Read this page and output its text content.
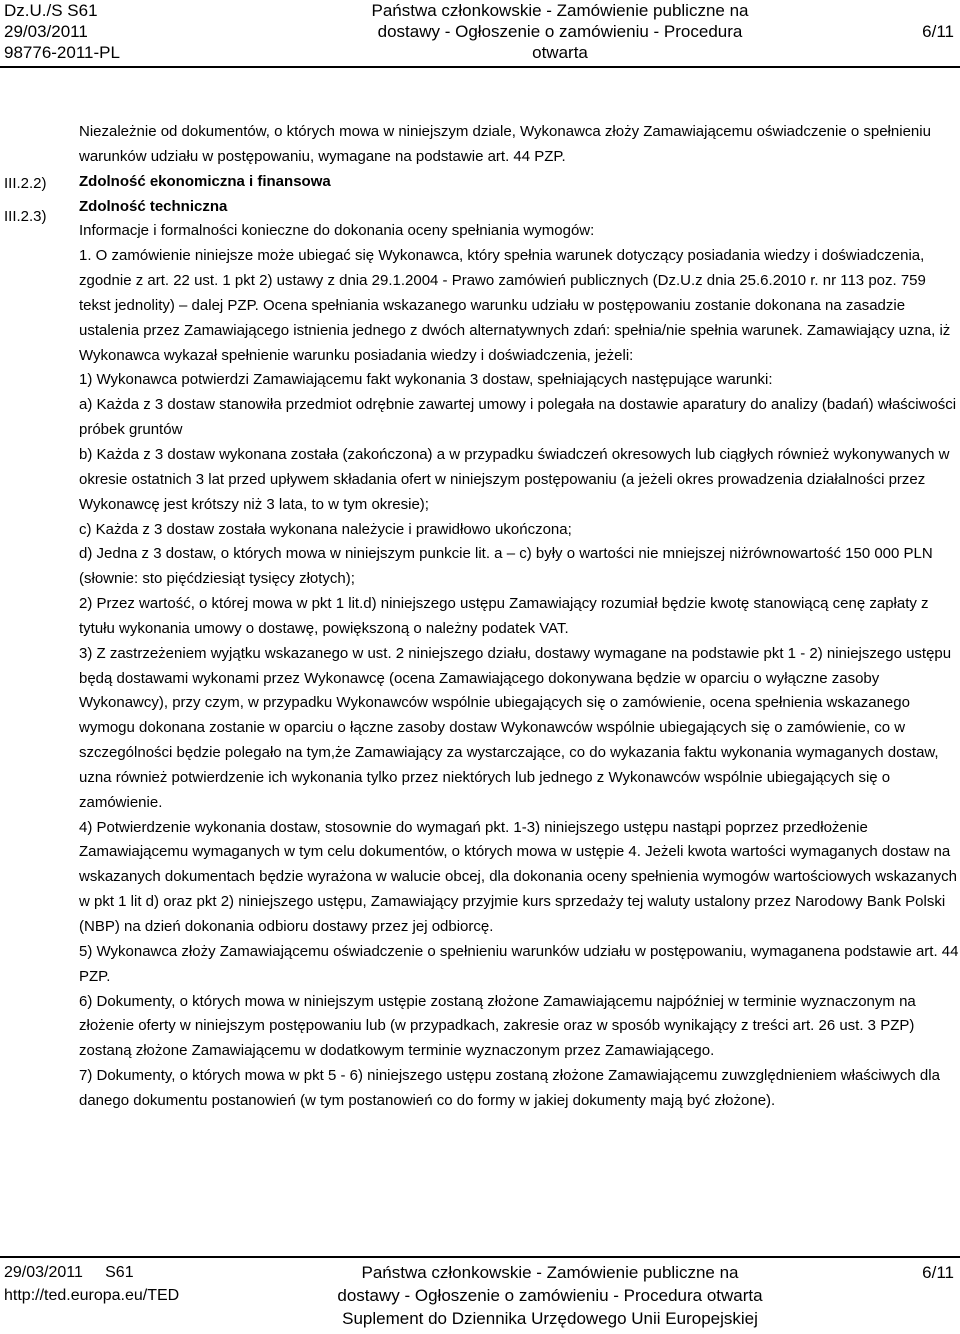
Dz.U./S S61
29/03/2011
98776-2011-PL
Państwa członkowskie - Zamówienie publiczne na
dostawy - Ogłoszenie o zamówieniu - Procedura otwarta
6/11
III.2.2)
III.2.3)

Niezależnie od dokumentów, o których mowa w niniejszym dziale, Wykonawca złoży Zamawiającemu oświadczenie o spełnieniu warunków udziału w postępowaniu, wymagane na podstawie art. 44 PZP.

Zdolność ekonomiczna i finansowa

Zdolność techniczna

Informacje i formalności konieczne do dokonania oceny spełniania wymogów:

1. O zamówienie niniejsze może ubiegać się Wykonawca, który spełnia warunek dotyczący posiadania wiedzy i doświadczenia, zgodnie z art. 22 ust. 1 pkt 2) ustawy z dnia 29.1.2004 - Prawo zamówień publicznych (Dz.U.z dnia 25.6.2010 r. nr 113 poz. 759 tekst jednolity) – dalej PZP. Ocena spełniania wskazanego warunku udziału w postępowaniu zostanie dokonana na zasadzie ustalenia przez Zamawiającego istnienia jednego z dwóch alternatywnych zdań: spełnia/nie spełnia warunek. Zamawiający uzna, iż Wykonawca wykazał spełnienie warunku posiadania wiedzy i doświadczenia, jeżeli:

1) Wykonawca potwierdzi Zamawiającemu fakt wykonania 3 dostaw, spełniających następujące warunki:

a) Każda z 3 dostaw stanowiła przedmiot odrębnie zawartej umowy i polegała na dostawie aparatury do analizy (badań) właściwości próbek gruntów

b) Każda z 3 dostaw wykonana została (zakończona) a w przypadku świadczeń okresowych lub ciągłych również wykonywanych w okresie ostatnich 3 lat przed upływem składania ofert w niniejszym postępowaniu (a jeżeli okres prowadzenia działalności przez Wykonawcę jest krótszy niż 3 lata, to w tym okresie);

c) Każda z 3 dostaw została wykonana należycie i prawidłowo ukończona;

d) Jedna z 3 dostaw, o których mowa w niniejszym punkcie lit. a – c) były o wartości nie mniejszej niżrównowartość 150 000 PLN (słownie: sto pięćdziesiąt tysięcy złotych);

2) Przez wartość, o której mowa w pkt 1 lit.d) niniejszego ustępu Zamawiający rozumiał będzie kwotę stanowiącą cenę zapłaty z tytułu wykonania umowy o dostawę, powiększoną o należny podatek VAT.

3) Z zastrzeżeniem wyjątku wskazanego w ust. 2 niniejszego działu, dostawy wymagane na podstawie pkt 1 - 2) niniejszego ustępu będą dostawami wykonami przez Wykonawcę (ocena Zamawiającego dokonywana będzie w oparciu o wyłączne zasoby Wykonawcy), przy czym, w przypadku Wykonawców wspólnie ubiegających się o zamówienie, ocena spełnienia wskazanego wymogu dokonana zostanie w oparciu o łączne zasoby dostaw Wykonawców wspólnie ubiegających się o zamówienie, co w szczególności będzie polegało na tym,że Zamawiający za wystarczające, co do wykazania faktu wykonania wymaganych dostaw, uzna również potwierdzenie ich wykonania tylko przez niektórych lub jednego z Wykonawców wspólnie ubiegających się o zamówienie.

4) Potwierdzenie wykonania dostaw, stosownie do wymagań pkt. 1-3) niniejszego ustępu nastąpi poprzez przedłożenie Zamawiającemu wymaganych w tym celu dokumentów, o których mowa w ustępie 4. Jeżeli kwota wartości wymaganych dostaw na wskazanych dokumentach będzie wyrażona w walucie obcej, dla dokonania oceny spełnienia wymogów wartościowych wskazanych w pkt 1 lit d) oraz pkt 2) niniejszego ustępu, Zamawiający przyjmie kurs sprzedaży tej waluty ustalony przez Narodowy Bank Polski (NBP) na dzień dokonania odbioru dostawy przez jej odbiorcę.

5) Wykonawca złoży Zamawiającemu oświadczenie o spełnieniu warunków udziału w postępowaniu, wymaganena podstawie art. 44 PZP.

6) Dokumenty, o których mowa w niniejszym ustępie zostaną złożone Zamawiającemu najpóźniej w terminie wyznaczonym na złożenie oferty w niniejszym postępowaniu lub (w przypadkach, zakresie oraz w sposób wynikający z treści art. 26 ust. 3 PZP) zostaną złożone Zamawiającemu w dodatkowym terminie wyznaczonym przez Zamawiającego.

7) Dokumenty, o których mowa w pkt 5 - 6) niniejszego ustępu zostaną złożone Zamawiającemu zuwzględnieniem właściwych dla danego dokumentu postanowień (w tym postanowień co do formy w jakiej dokumenty mają być złożone).

29/03/2011     S61
http://ted.europa.eu/TED
Państwa członkowskie - Zamówienie publiczne na
dostawy - Ogłoszenie o zamówieniu - Procedura otwarta
6/11
Suplement do Dziennika Urzędowego Unii Europejskiej
